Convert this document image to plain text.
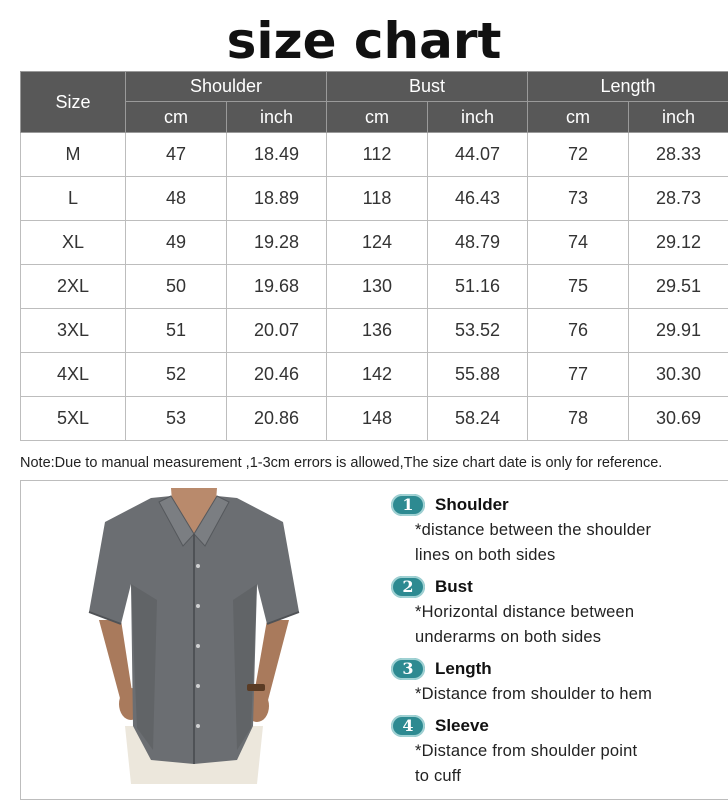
size chart
Size	Shoulder		Bust		Length	
	cm	inch	cm	inch	cm	inch
M	47	18.49	112	44.07	72	28.33
L	48	18.89	118	46.43	73	28.73
XL	49	19.28	124	48.79	74	29.12
2XL	50	19.68	130	51.16	75	29.51
3XL	51	20.07	136	53.52	76	29.91
4XL	52	20.46	142	55.88	77	30.30
5XL	53	20.86	148	58.24	78	30.69
Note:Due to manual measurement ,1-3cm errors is allowed,The size chart date is only for reference.
1	Shoulder
*distance between the shoulder
lines on both sides
2	Bust
*Horizontal distance between
underarms on both sides
3	Length
*Distance from shoulder to hem
4	Sleeve
*Distance from shoulder point
to cuff
